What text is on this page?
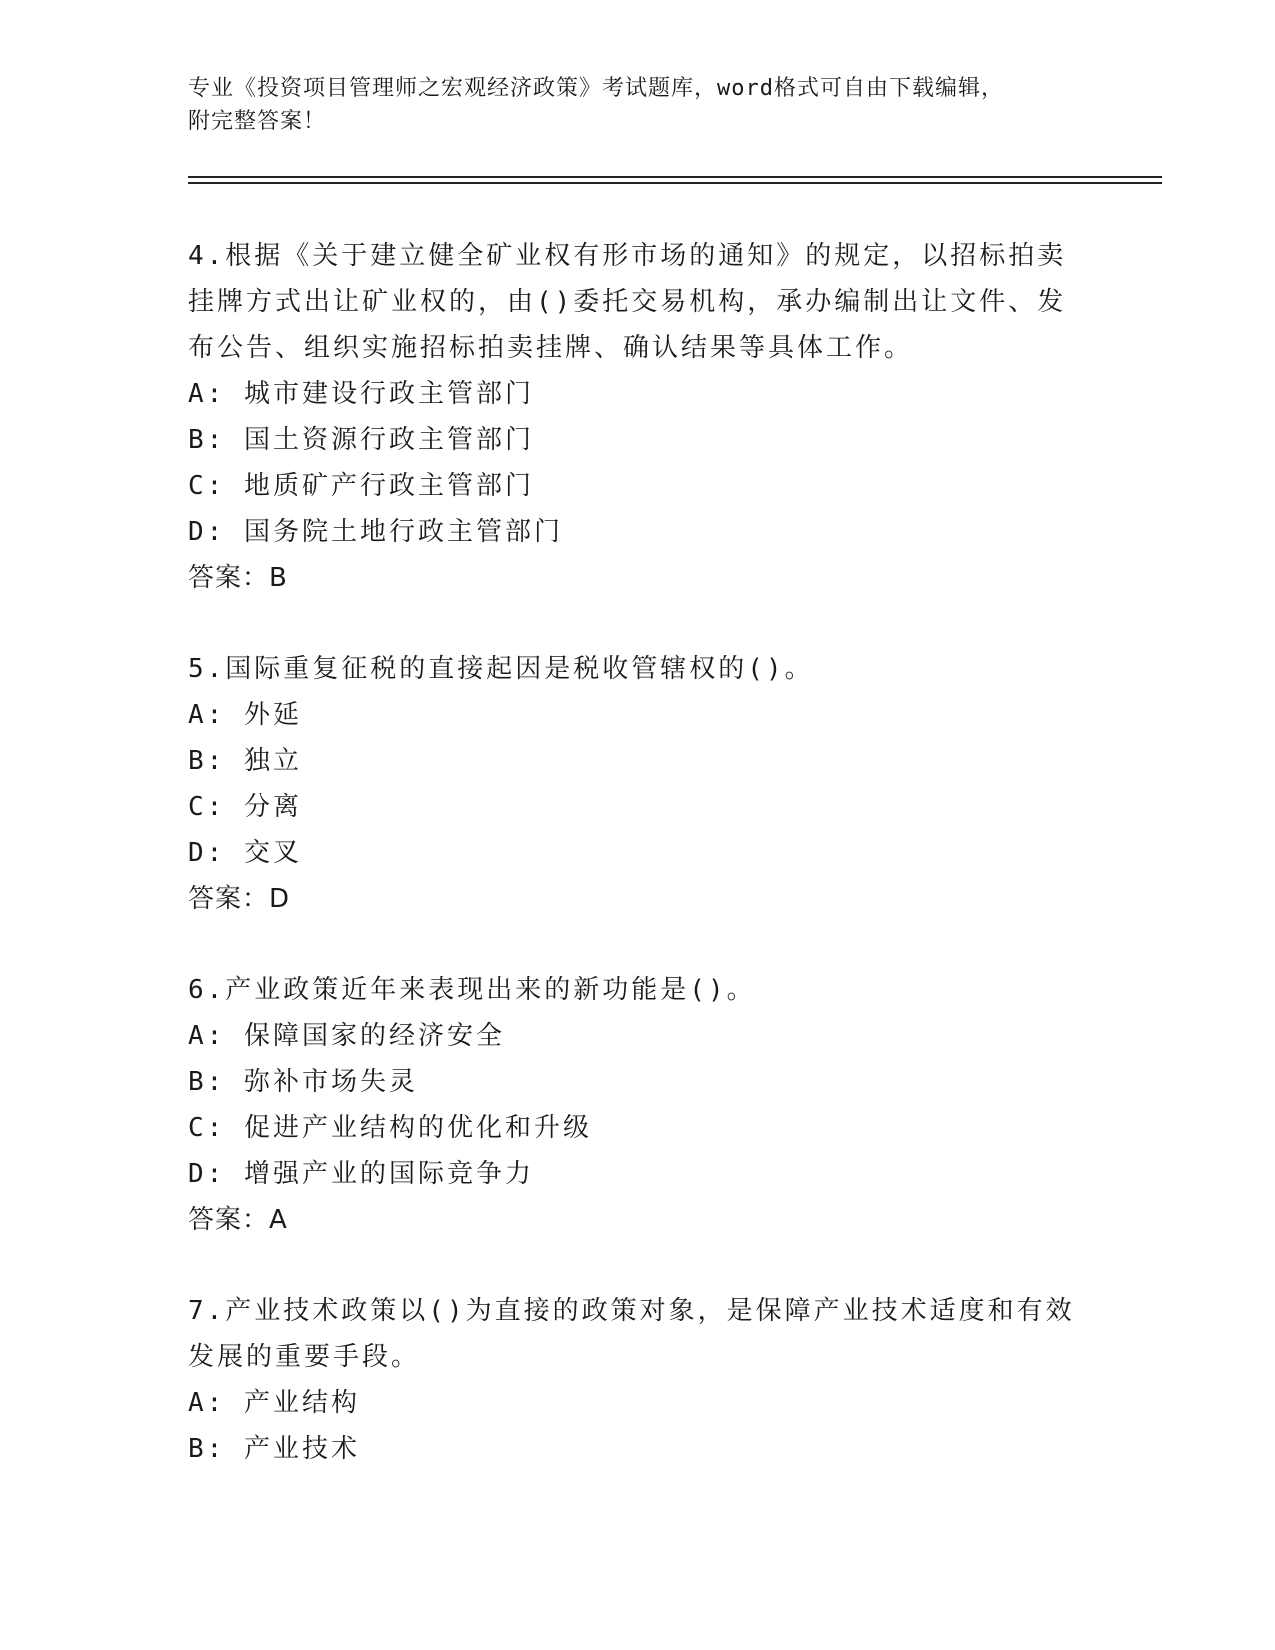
专业《投资项目管理师之宏观经济政策》考试题库，word格式可自由下载编辑，
附完整答案！
4.根据《关于建立健全矿业权有形市场的通知》的规定，以招标拍卖挂牌方式出让矿业权的，由()委托交易机构，承办编制出让文件、发布公告、组织实施招标拍卖挂牌、确认结果等具体工作。
A: 城市建设行政主管部门
B: 国土资源行政主管部门
C: 地质矿产行政主管部门
D: 国务院土地行政主管部门
答案：B
5.国际重复征税的直接起因是税收管辖权的()。
A: 外延
B: 独立
C: 分离
D: 交叉
答案：D
6.产业政策近年来表现出来的新功能是()。
A: 保障国家的经济安全
B: 弥补市场失灵
C: 促进产业结构的优化和升级
D: 增强产业的国际竞争力
答案：A
7.产业技术政策以()为直接的政策对象，是保障产业技术适度和有效发展的重要手段。
A: 产业结构
B: 产业技术
